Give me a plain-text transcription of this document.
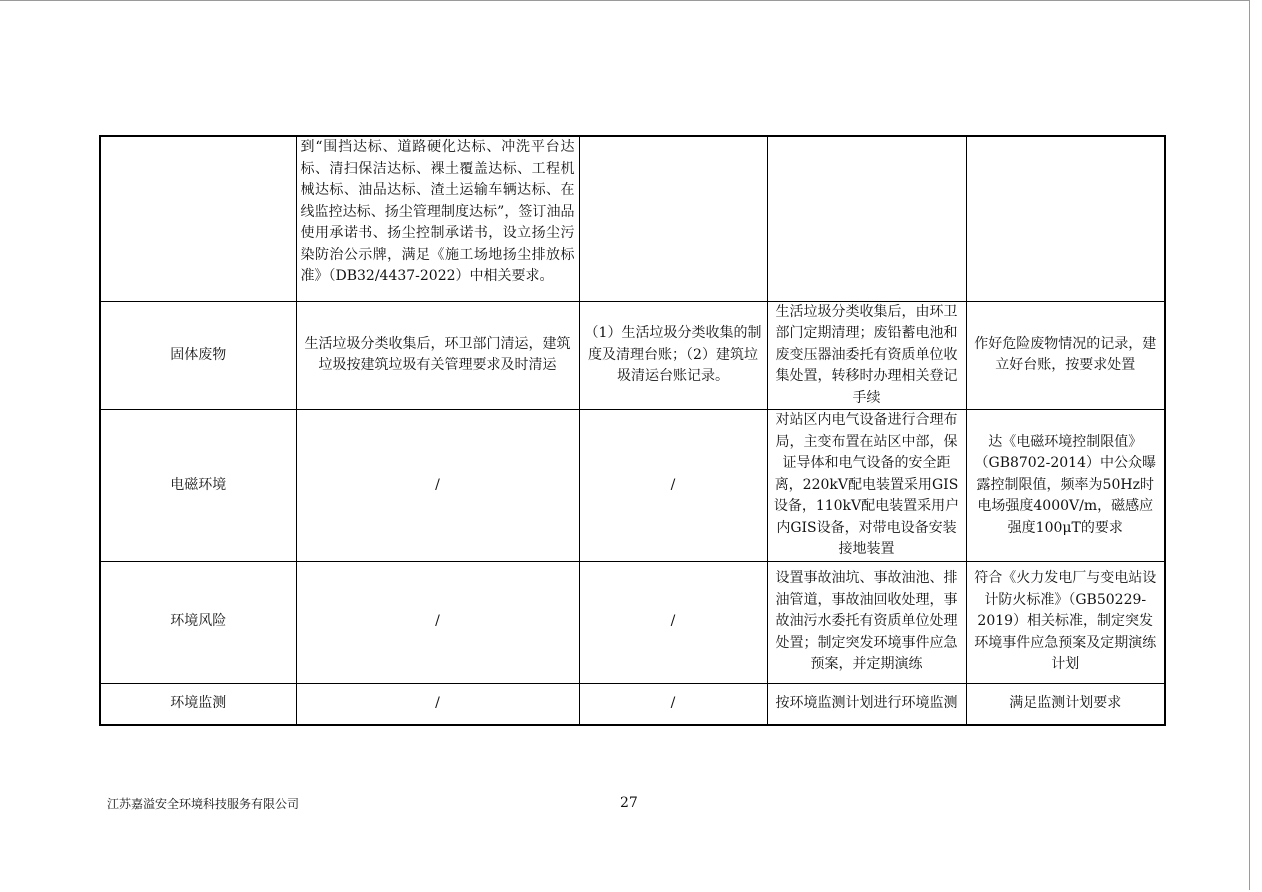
	到“围挡达标、道路硬化达标、冲洗平台达标、清扫保洁达标、裸土覆盖达标、工程机械达标、油品达标、渣土运输车辆达标、在线监控达标、扬尘管理制度达标”，签订油品使用承诺书、扬尘控制承诺书，设立扬尘污染防治公示牌，满足《施工场地扬尘排放标准》（DB32/4437-2022）中相关要求。			
固体废物	生活垃圾分类收集后，环卫部门清运，建筑垃圾按建筑垃圾有关管理要求及时清运	（1）生活垃圾分类收集的制度及清理台账；（2）建筑垃圾清运台账记录。	生活垃圾分类收集后，由环卫部门定期清理；废铅蓄电池和废变压器油委托有资质单位收集处置，转移时办理相关登记手续	作好危险废物情况的记录，建立好台账，按要求处置
电磁环境	/	/	对站区内电气设备进行合理布局，主变布置在站区中部，保证导体和电气设备的安全距离，220kV配电装置采用GIS设备，110kV配电装置采用户内GIS设备，对带电设备安装接地装置	达《电磁环境控制限值》（GB8702-2014）中公众曝露控制限值，频率为50Hz时电场强度4000V/m，磁感应强度100μT的要求
环境风险	/	/	设置事故油坑、事故油池、排油管道，事故油回收处理，事故油污水委托有资质单位处理处置；制定突发环境事件应急预案，并定期演练	符合《火力发电厂与变电站设计防火标准》（GB50229-2019）相关标准，制定突发环境事件应急预案及定期演练计划
环境监测	/	/	按环境监测计划进行环境监测	满足监测计划要求
江苏嘉溢安全环境科技服务有限公司	27
